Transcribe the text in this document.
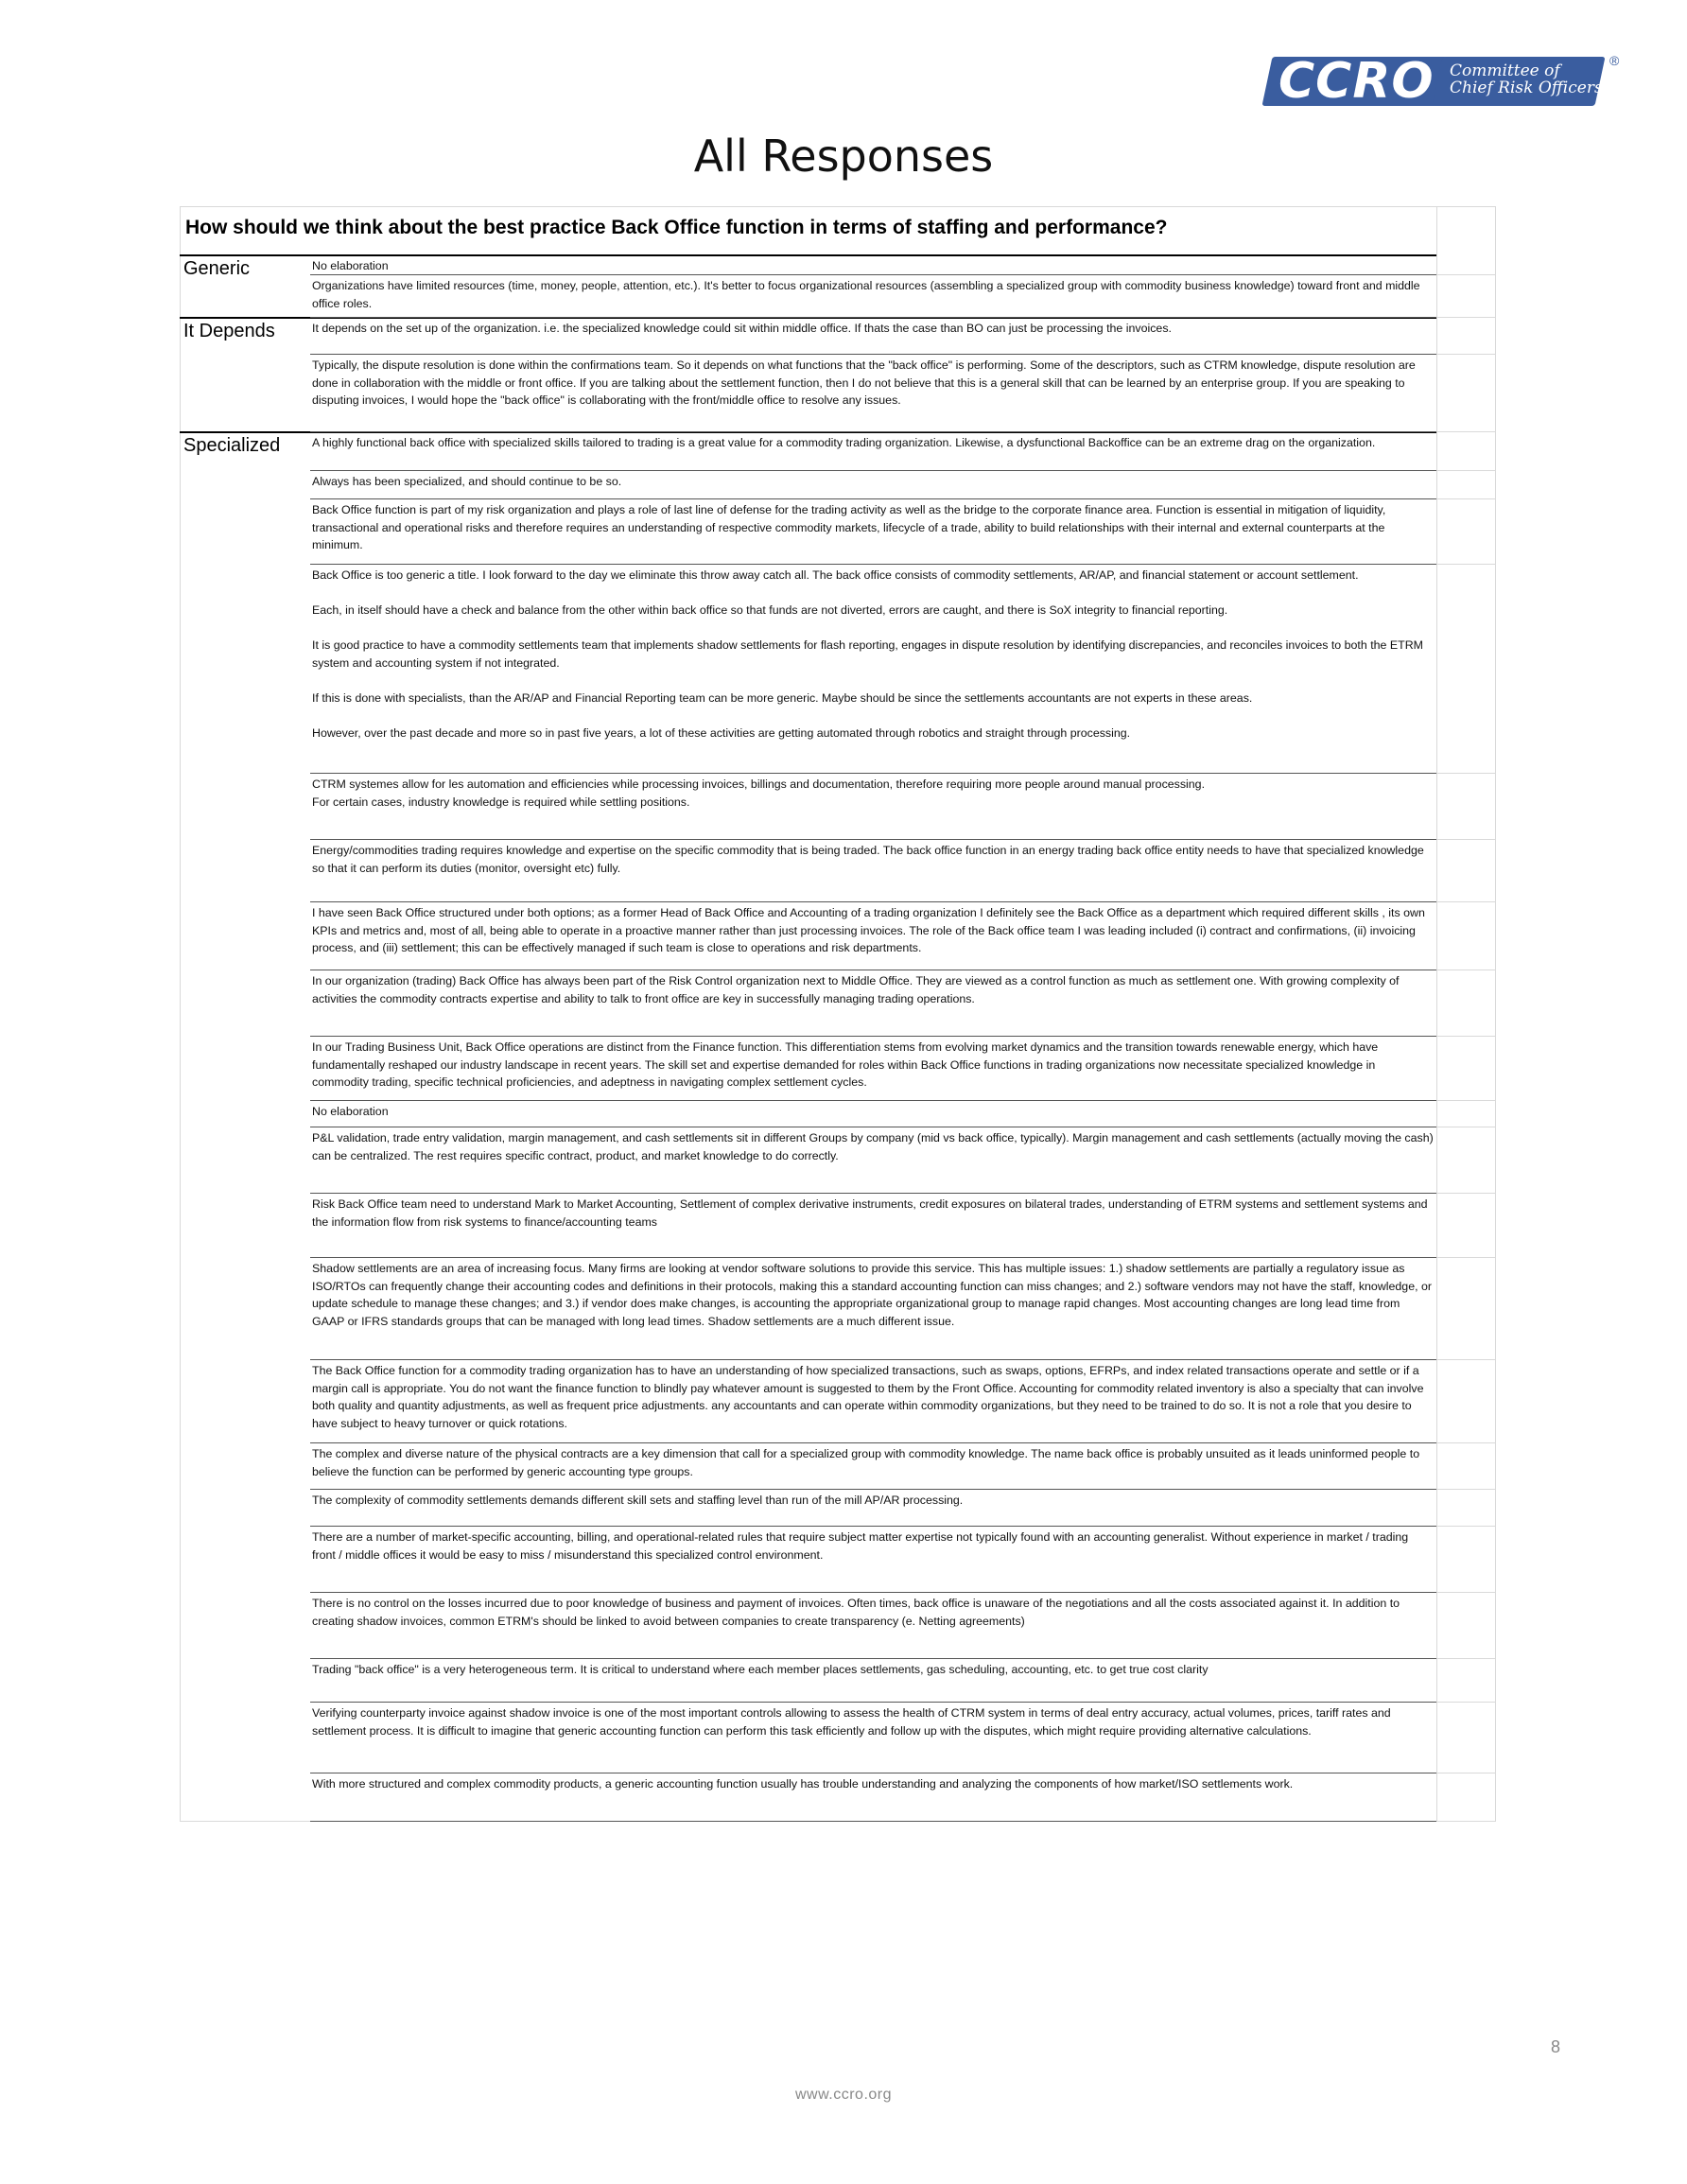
CCRO Committee of
Chief Risk Officers
®
All Responses
How should we think about the best practice Back Office function in terms of staffing and performance?
Generic
It Depends
Specialized
No elaboration
Organizations have limited resources (time, money, people, attention, etc.). It's better to focus organizational resources (assembling a specialized group with commodity business knowledge) toward front and middle office roles.
It depends on the set up of the organization. i.e. the specialized knowledge could sit within middle office. If thats the case than BO can just be processing the invoices.
Typically, the dispute resolution is done within the confirmations team. So it depends on what functions that the "back office" is performing. Some of the descriptors, such as CTRM knowledge, dispute resolution are done in collaboration with the middle or front office. If you are talking about the settlement function, then I do not believe that this is a general skill that can be learned by an enterprise group. If you are speaking to disputing invoices, I would hope the "back office" is collaborating with the front/middle office to resolve any issues.
A highly functional back office with specialized skills tailored to trading is a great value for a commodity trading organization. Likewise, a dysfunctional Backoffice can be an extreme drag on the organization.
Always has been specialized, and should continue to be so.
Back Office function is part of my risk organization and plays a role of last line of defense for the trading activity as well as the bridge to the corporate finance area. Function is essential in mitigation of liquidity, transactional and operational risks and therefore requires an understanding of respective commodity markets, lifecycle of a trade, ability to build relationships with their internal and external counterparts at the minimum.
Back Office is too generic a title. I look forward to the day we eliminate this throw away catch all. The back office consists of commodity settlements, AR/AP, and financial statement or account settlement.
Each, in itself should have a check and balance from the other within back office so that funds are not diverted, errors are caught, and there is SoX integrity to financial reporting.
It is good practice to have a commodity settlements team that implements shadow settlements for flash reporting, engages in dispute resolution by identifying discrepancies, and reconciles invoices to both the ETRM system and accounting system if not integrated.
If this is done with specialists, than the AR/AP and Financial Reporting team can be more generic. Maybe should be since the settlements accountants are not experts in these areas.
However, over the past decade and more so in past five years, a lot of these activities are getting automated through robotics and straight through processing.
CTRM systemes allow for les automation and efficiencies while processing invoices, billings and documentation, therefore requiring more people around manual processing.
For certain cases, industry knowledge is required while settling positions.
Energy/commodities trading requires knowledge and expertise on the specific commodity that is being traded. The back office function in an energy trading back office entity needs to have that specialized knowledge so that it can perform its duties (monitor, oversight etc) fully.
I have seen Back Office structured under both options; as a former Head of Back Office and Accounting of a trading organization I definitely see the Back Office as a department which required different skills , its own KPIs and metrics and, most of all, being able to operate in a proactive manner rather than just processing invoices. The role of the Back office team I was leading included (i) contract and confirmations, (ii) invoicing process, and (iii) settlement; this can be effectively managed if such team is close to operations and risk departments.
In our organization (trading) Back Office has always been part of the Risk Control organization next to Middle Office. They are viewed as a control function as much as settlement one. With growing complexity of activities the commodity contracts expertise and ability to talk to front office are key in successfully managing trading operations.
In our Trading Business Unit, Back Office operations are distinct from the Finance function. This differentiation stems from evolving market dynamics and the transition towards renewable energy, which have fundamentally reshaped our industry landscape in recent years. The skill set and expertise demanded for roles within Back Office functions in trading organizations now necessitate specialized knowledge in commodity trading, specific technical proficiencies, and adeptness in navigating complex settlement cycles.
No elaboration
P&L validation, trade entry validation, margin management, and cash settlements sit in different Groups by company (mid vs back office, typically). Margin management and cash settlements (actually moving the cash) can be centralized. The rest requires specific contract, product, and market knowledge to do correctly.
Risk Back Office team need to understand Mark to Market Accounting, Settlement of complex derivative instruments, credit exposures on bilateral trades, understanding of ETRM systems and settlement systems and the information flow from risk systems to finance/accounting teams
Shadow settlements are an area of increasing focus. Many firms are looking at vendor software solutions to provide this service. This has multiple issues: 1.) shadow settlements are partially a regulatory issue as ISO/RTOs can frequently change their accounting codes and definitions in their protocols, making this a standard accounting function can miss changes; and 2.) software vendors may not have the staff, knowledge, or update schedule to manage these changes; and 3.) if vendor does make changes, is accounting the appropriate organizational group to manage rapid changes. Most accounting changes are long lead time from GAAP or IFRS standards groups that can be managed with long lead times. Shadow settlements are a much different issue.
The Back Office function for a commodity trading organization has to have an understanding of how specialized transactions, such as swaps, options, EFRPs, and index related transactions operate and settle or if a margin call is appropriate. You do not want the finance function to blindly pay whatever amount is suggested to them by the Front Office. Accounting for commodity related inventory is also a specialty that can involve both quality and quantity adjustments, as well as frequent price adjustments. any accountants and can operate within commodity organizations, but they need to be trained to do so. It is not a role that you desire to have subject to heavy turnover or quick rotations.
The complex and diverse nature of the physical contracts are a key dimension that call for a specialized group with commodity knowledge. The name back office is probably unsuited as it leads uninformed people to believe the function can be performed by generic accounting type groups.
The complexity of commodity settlements demands different skill sets and staffing level than run of the mill AP/AR processing.
There are a number of market-specific accounting, billing, and operational-related rules that require subject matter expertise not typically found with an accounting generalist. Without experience in market / trading front / middle offices it would be easy to miss / misunderstand this specialized control environment.
There is no control on the losses incurred due to poor knowledge of business and payment of invoices. Often times, back office is unaware of the negotiations and all the costs associated against it. In addition to creating shadow invoices, common ETRM's should be linked to avoid between companies to create transparency (e. Netting agreements)
Trading "back office" is a very heterogeneous term. It is critical to understand where each member places settlements, gas scheduling, accounting, etc. to get true cost clarity
Verifying counterparty invoice against shadow invoice is one of the most important controls allowing to assess the health of CTRM system in terms of deal entry accuracy, actual volumes, prices, tariff rates and settlement process. It is difficult to imagine that generic accounting function can perform this task efficiently and follow up with the disputes, which might require providing alternative calculations.
With more structured and complex commodity products, a generic accounting function usually has trouble understanding and analyzing the components of how market/ISO settlements work.
8
www.ccro.org
